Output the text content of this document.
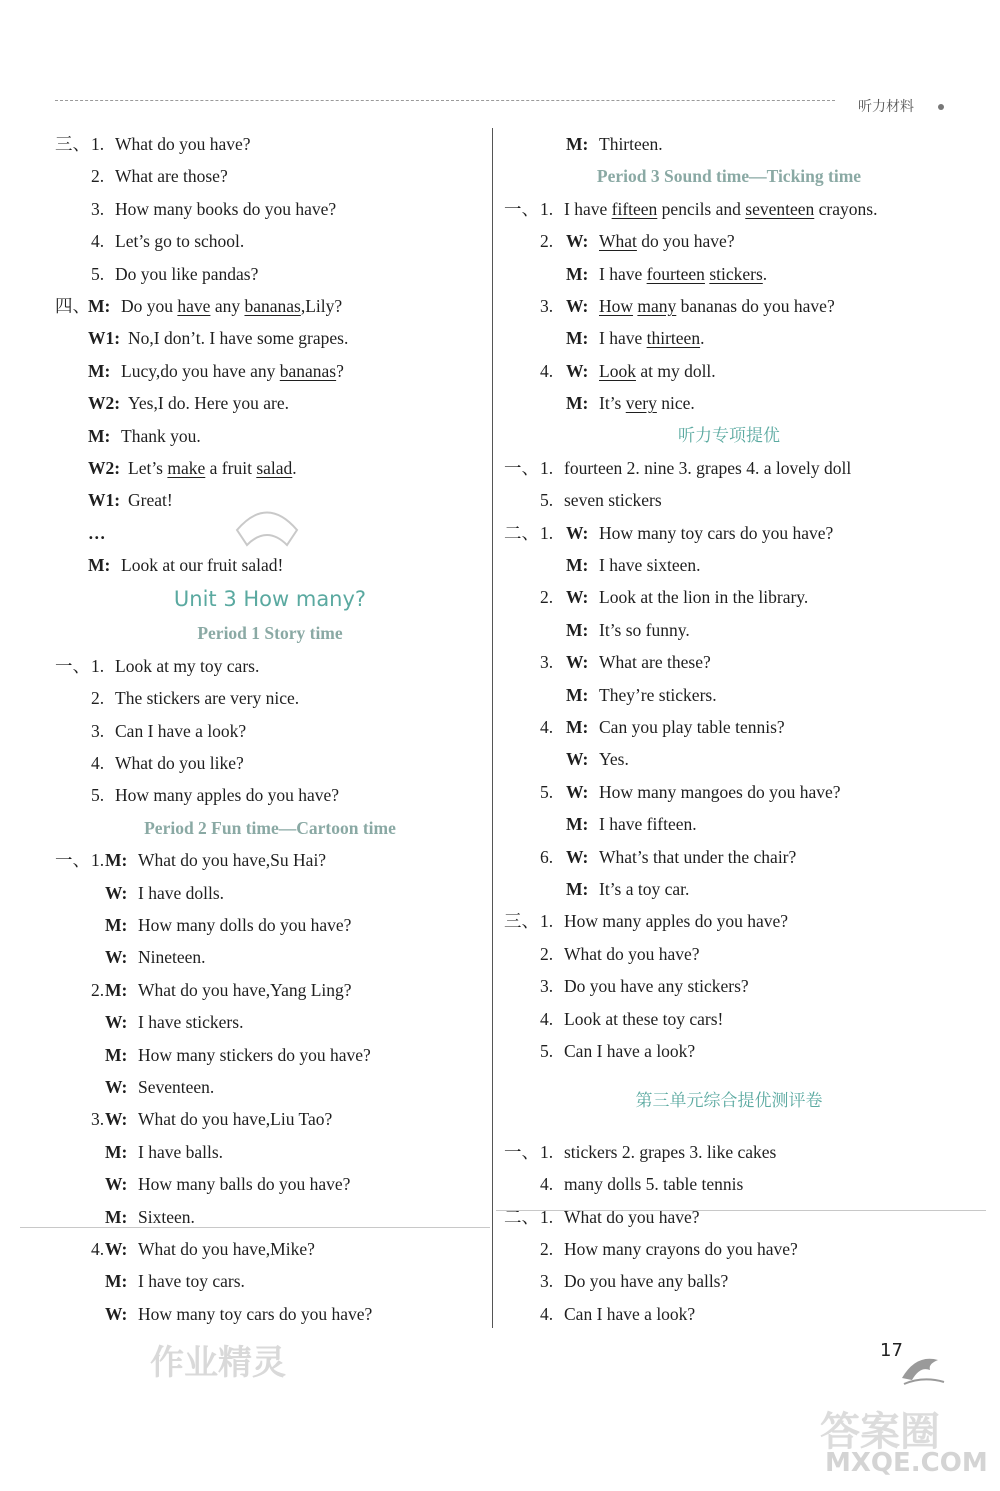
听力材料
三、 1. What do you have?
2. What are those?
3. How many books do you have?
4. Let’s go to school.
5. Do you like pandas?
四、
M: Do you have any bananas,Lily?
W1: No,I don’t. I have some grapes.
M: Lucy,do you have any bananas?
W2: Yes,I do. Here you are.
M: Thank you.
W2: Let’s make a fruit salad.
W1: Great!
…
M: Look at our fruit salad!
Unit 3 How many?
Period 1 Story time
一、 1. Look at my toy cars.
2. The stickers are very nice.
3. Can I have a look?
4. What do you like?
5. How many apples do you have?
Period 2 Fun time—Cartoon time
一、 1. M: What do you have,Su Hai?
W: I have dolls.
M: How many dolls do you have?
W: Nineteen.
2. M: What do you have,Yang Ling?
W: I have stickers.
M: How many stickers do you have?
W: Seventeen.
3. W: What do you have,Liu Tao?
M: I have balls.
W: How many balls do you have?
M: Sixteen.
4. W: What do you have,Mike?
M: I have toy cars.
W: How many toy cars do you have?
M: Thirteen.
Period 3 Sound time—Ticking time
一、 1. I have fifteen pencils and seventeen crayons.
2. W: What do you have?
M: I have fourteen stickers.
3. W: How many bananas do you have?
M: I have thirteen.
4. W: Look at my doll.
M: It’s very nice.
听力专项提优
一、 1. fourteen 2. nine 3. grapes 4. a lovely doll
5. seven stickers
二、 1. W: How many toy cars do you have?
M: I have sixteen.
2. W: Look at the lion in the library.
M: It’s so funny.
3. W: What are these?
M: They’re stickers.
4. M: Can you play table tennis?
W: Yes.
5. W: How many mangoes do you have?
M: I have fifteen.
6. W: What’s that under the chair?
M: It’s a toy car.
三、 1. How many apples do you have?
2. What do you have?
3. Do you have any stickers?
4. Look at these toy cars!
5. Can I have a look?
第三单元综合提优测评卷
一、 1. stickers 2. grapes 3. like cakes
4. many dolls 5. table tennis
二、 1. What do you have?
2. How many crayons do you have?
3. Do you have any balls?
4. Can I have a look?
作业精灵	17
答案圈
MXQE.COM
